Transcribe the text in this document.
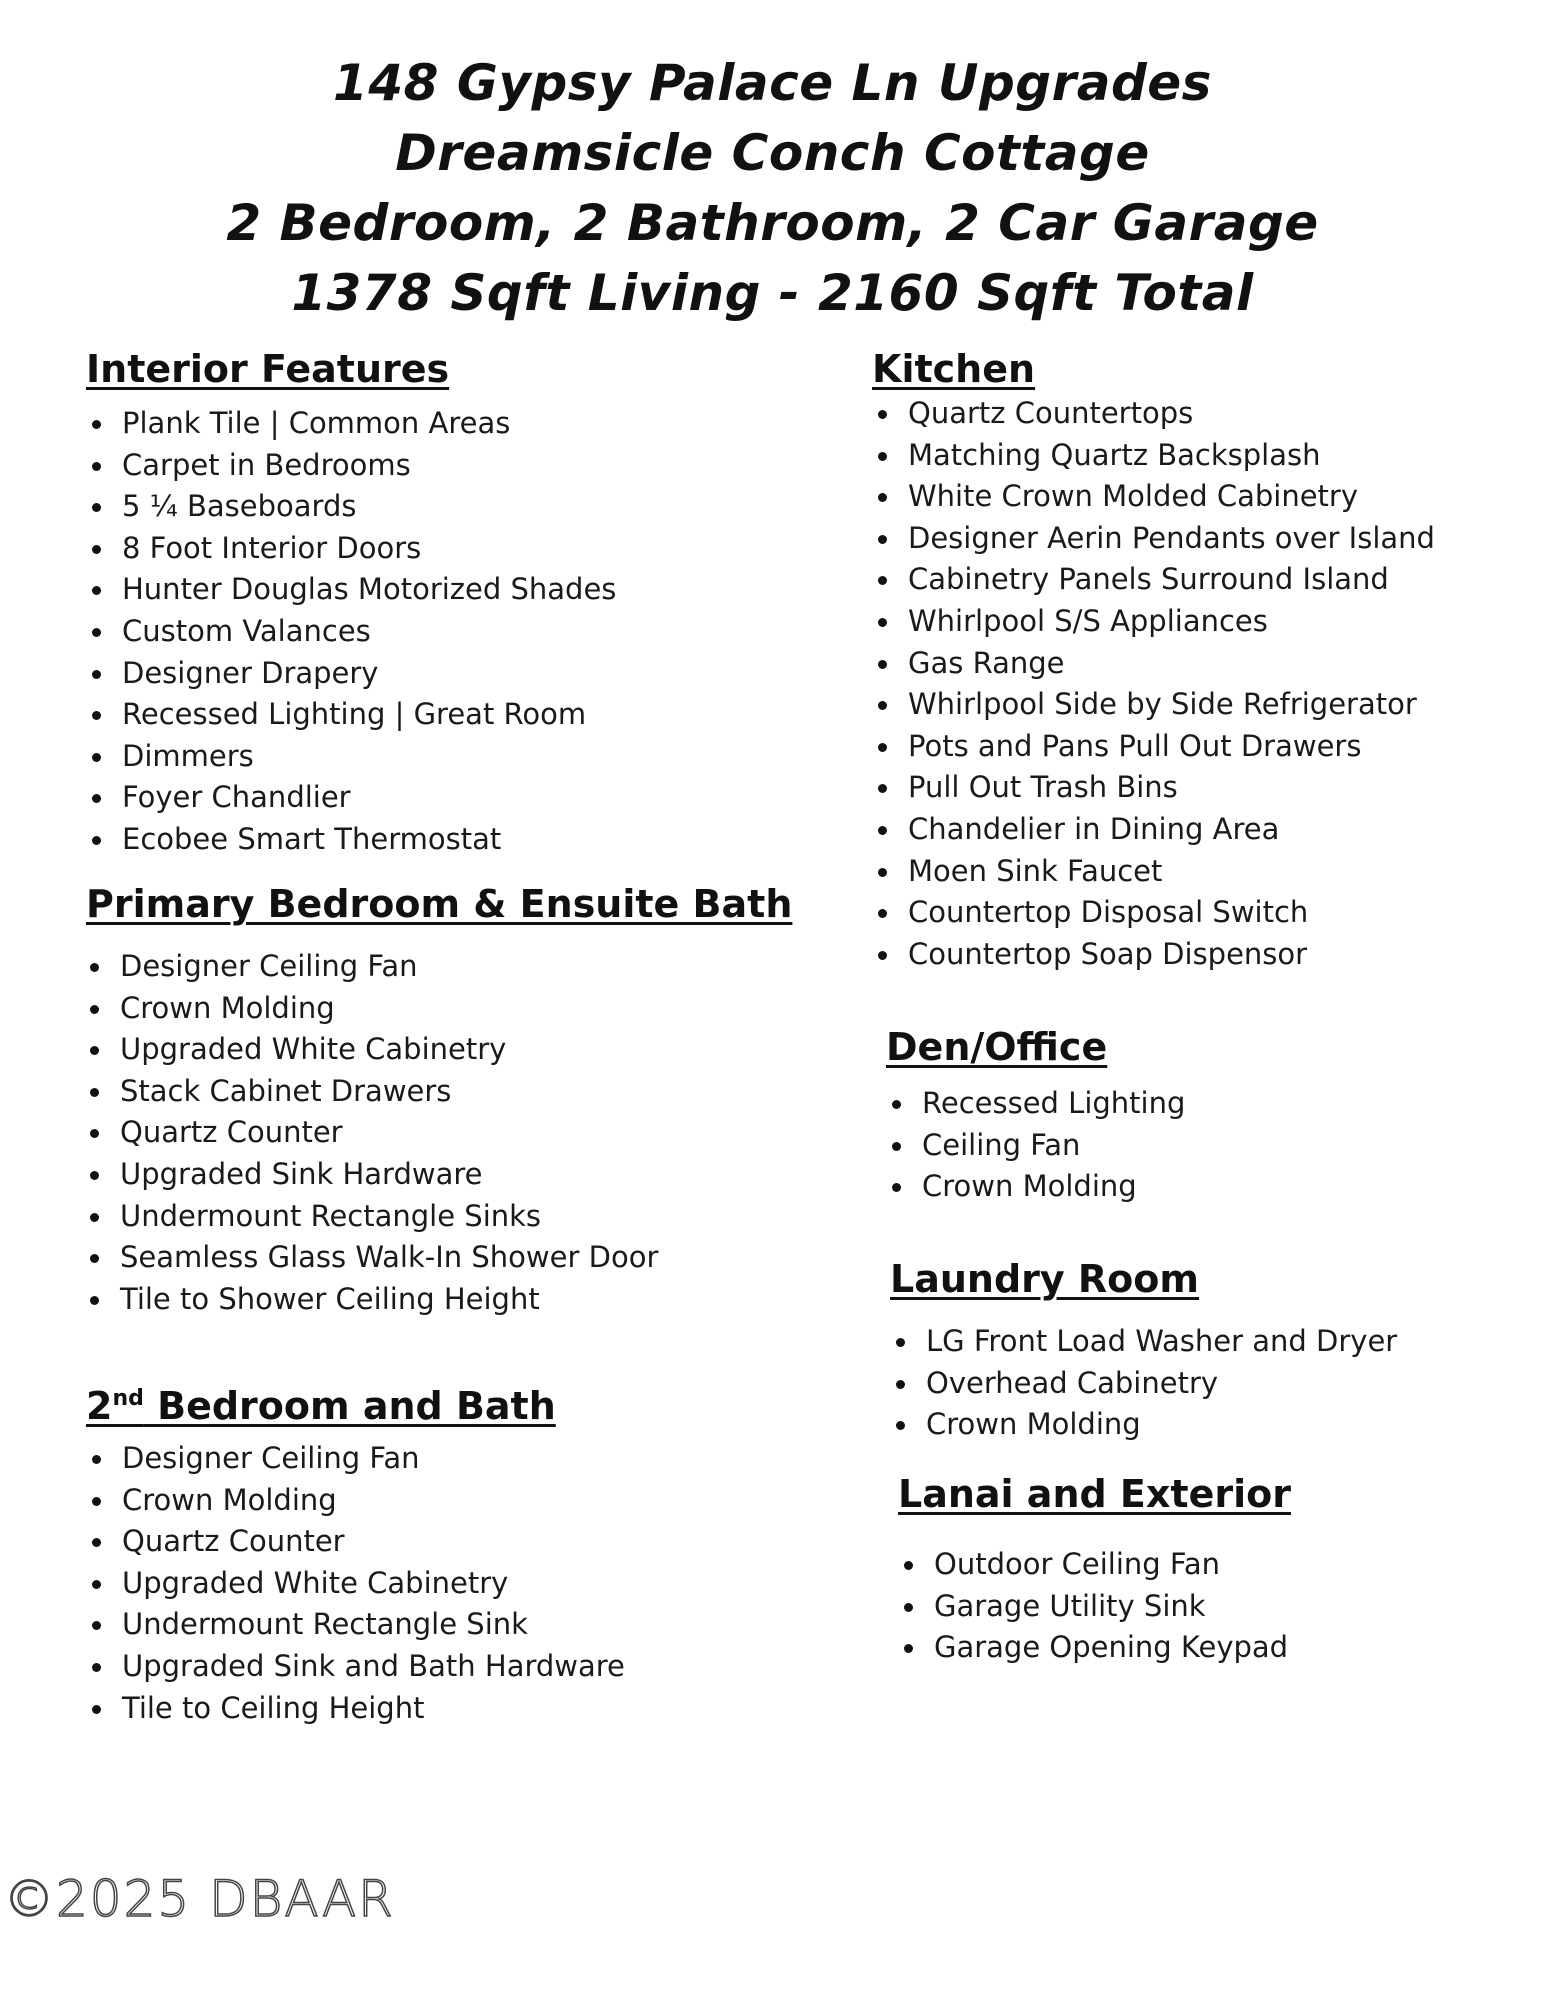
148 Gypsy Palace Ln Upgrades
Dreamsicle Conch Cottage
2 Bedroom, 2 Bathroom, 2 Car Garage
1378 Sqft Living - 2160 Sqft Total
Interior Features
Plank Tile | Common Areas
Carpet in Bedrooms
5 ¼ Baseboards
8 Foot Interior Doors
Hunter Douglas Motorized Shades
Custom Valances
Designer Drapery
Recessed Lighting | Great Room
Dimmers
Foyer Chandlier
Ecobee Smart Thermostat
Primary Bedroom & Ensuite Bath
Designer Ceiling Fan
Crown Molding
Upgraded White Cabinetry
Stack Cabinet Drawers
Quartz Counter
Upgraded Sink Hardware
Undermount Rectangle Sinks
Seamless Glass Walk-In Shower Door
Tile to Shower Ceiling Height
2nd Bedroom and Bath
Designer Ceiling Fan
Crown Molding
Quartz Counter
Upgraded White Cabinetry
Undermount Rectangle Sink
Upgraded Sink and Bath Hardware
Tile to Ceiling Height
Kitchen
Quartz Countertops
Matching Quartz Backsplash
White Crown Molded Cabinetry
Designer Aerin Pendants over Island
Cabinetry Panels Surround Island
Whirlpool S/S Appliances
Gas Range
Whirlpool Side by Side Refrigerator
Pots and Pans Pull Out Drawers
Pull Out Trash Bins
Chandelier in Dining Area
Moen Sink Faucet
Countertop Disposal Switch
Countertop Soap Dispensor
Den/Office
Recessed Lighting
Ceiling Fan
Crown Molding
Laundry Room
LG Front Load Washer and Dryer
Overhead Cabinetry
Crown Molding
Lanai and Exterior
Outdoor Ceiling Fan
Garage Utility Sink
Garage Opening Keypad
©2025 DBAAR
